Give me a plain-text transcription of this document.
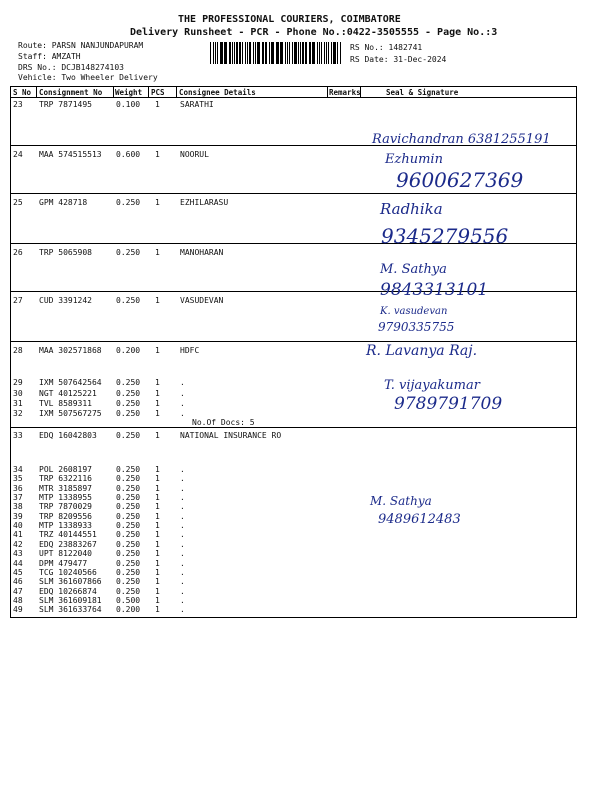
THE PROFESSIONAL COURIERS, COIMBATORE
Delivery Runsheet - PCR - Phone No.:0422-3505555 - Page No.:3
Route: PARSN NANJUNDAPURAM
Staff: AMZATH
DRS No.: DCJB148274103
Vehicle: Two Wheeler Delivery
RS No.: 1482741
RS Date: 31-Dec-2024
S No Consignment No Weight PCS Consignee Details	Remarks	Seal & Signature
23 TRP 7871495	0.100 1	SARATHI
24 MAA 574515513 0.600 1	NOORUL
25 GPM 428718	0.250 1	EZHILARASU
26 TRP 5065908	0.250 1	MANOHARAN
27 CUD 3391242	0.250 1	VASUDEVAN
28 MAA 302571868 0.200 1	HDFC
29 IXM 507642564 0.250 1	.
30 NGT 40125221 0.250 1	.
31 TVL 8589311	0.250 1	.
32 IXM 507567275 0.250 1	.
No.Of Docs: 5
33 EDQ 16042803 0.250 1	NATIONAL INSURANCE RO
34 POL 2608197	0.250 1	.
35 TRP 6322116	0.250 1	.
36 MTR 3185897	0.250 1	.
37 MTP 1338955	0.250 1	.
38 TRP 7870029	0.250 1	.
39 TRP 8209556	0.250 1	.
40 MTP 1338933	0.250 1	.
41 TRZ 40144551 0.250 1	.
42 EDQ 23883267 0.250 1	.
43 UPT 8122040	0.250 1	.
44 DPM 479477	0.250 1	.
45 TCG 10240566 0.250 1	.
46 SLM 361607866 0.250 1	.
47 EDQ 10266874 0.250 1	.
48 SLM 361609181 0.500 1	.
49 SLM 361633764 0.200 1	.
Ravichandran 6381255191
Ezhumin
9600627369
Radhika
9345279556
M. Sathya
9843313101
K. vasudevan
9790335755
R. Lavanya Raj.
T. vijayakumar
9789791709
M. Sathya
9489612483
